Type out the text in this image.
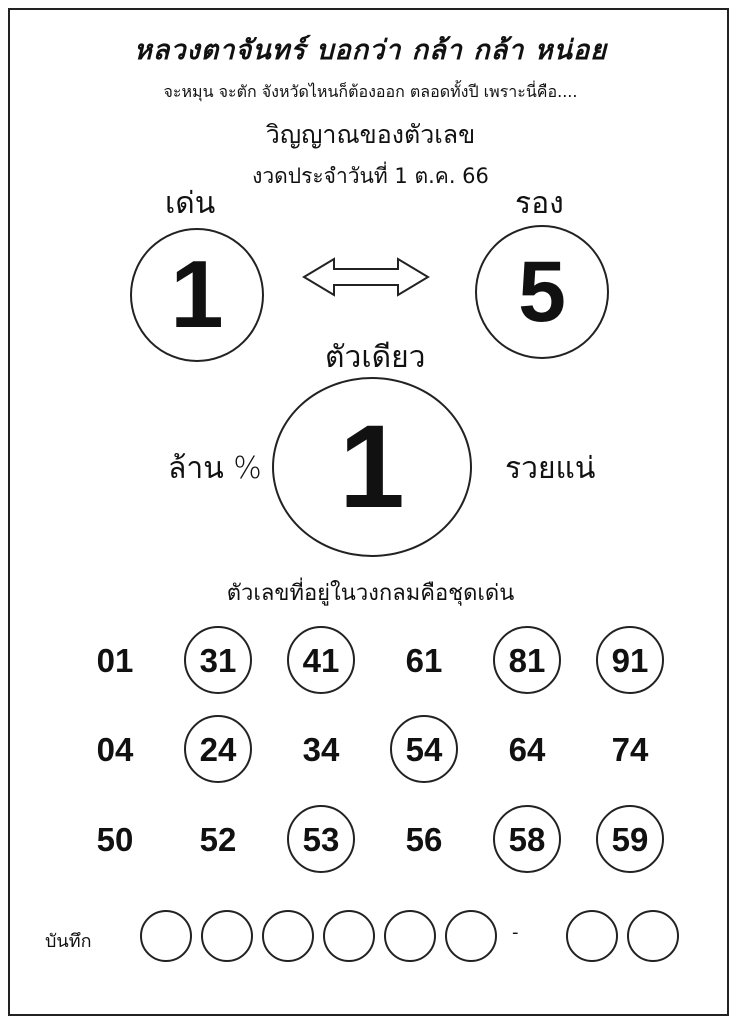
หลวงตาจันทร์ บอกว่า กล้า กล้า หน่อย
จะหมุน จะตัก จังหวัดไหนก็ต้องออก ตลอดทั้งปี เพราะนี่คือ....
วิญญาณของตัวเลข
งวดประจำวันที่ 1 ต.ค. 66
เด่น
1
รอง
5
ตัวเดียว
1
ล้าน %	รวยแน่
ตัวเลขที่อยู่ในวงกลมคือชุดเด่น
01	31	41	61	81	91
04	24	34	54	64	74
50	52	53	56	58	59
บันทึก	-
